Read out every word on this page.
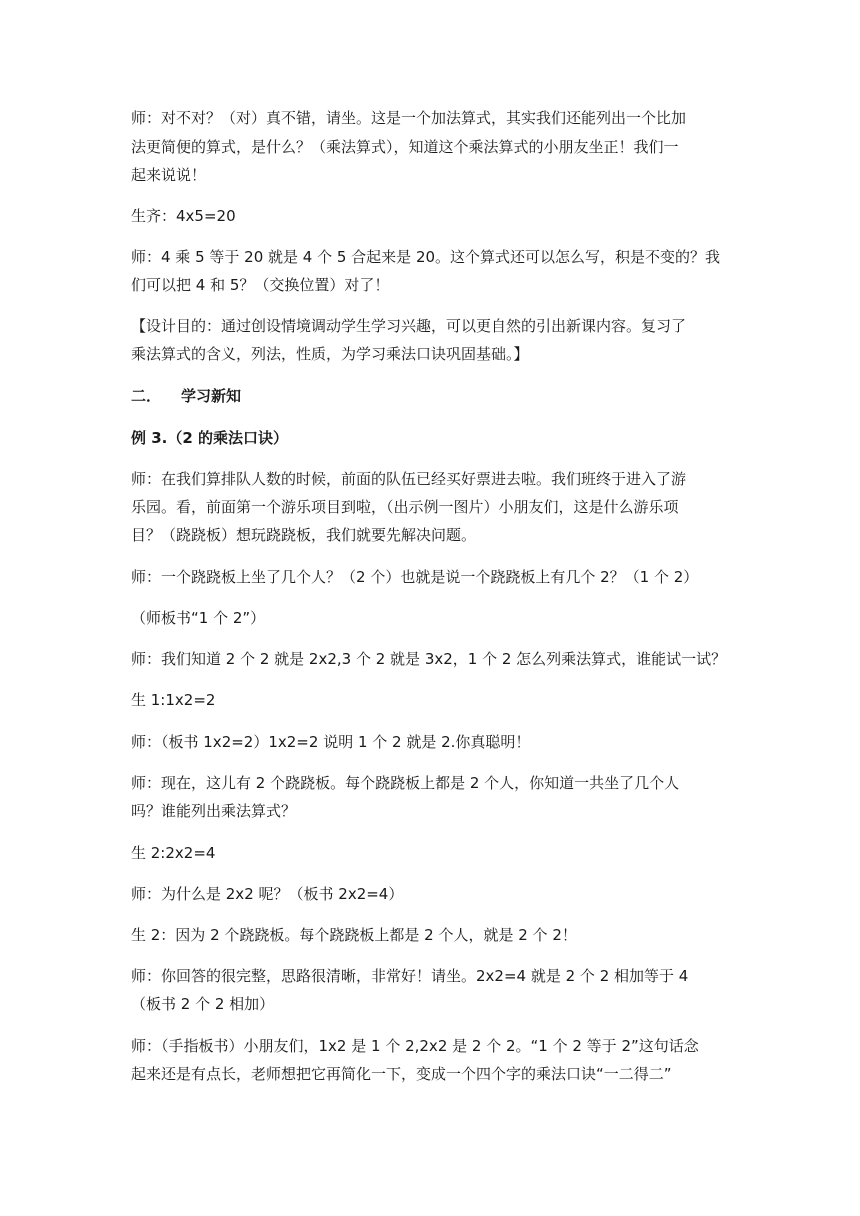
师：对不对？（对）真不错，请坐。这是一个加法算式，其实我们还能列出一个比加
法更简便的算式，是什么？（乘法算式），知道这个乘法算式的小朋友坐正！我们一
起来说说！
生齐：4x5=20
师：4 乘 5 等于 20 就是 4 个 5 合起来是 20。这个算式还可以怎么写，积是不变的？我
们可以把 4 和 5？（交换位置）对了！
【设计目的：通过创设情境调动学生学习兴趣，可以更自然的引出新课内容。复习了
乘法算式的含义，列法，性质，为学习乘法口诀巩固基础。】
二． 学习新知
例 3.（2 的乘法口诀）
师：在我们算排队人数的时候，前面的队伍已经买好票进去啦。我们班终于进入了游
乐园。看，前面第一个游乐项目到啦，（出示例一图片）小朋友们，这是什么游乐项
目？（跷跷板）想玩跷跷板，我们就要先解决问题。
师：一个跷跷板上坐了几个人？（2 个）也就是说一个跷跷板上有几个 2？（1 个 2）
（师板书“1 个 2”）
师：我们知道 2 个 2 就是 2x2,3 个 2 就是 3x2，1 个 2 怎么列乘法算式，谁能试一试？
生 1:1x2=2
师：（板书 1x2=2）1x2=2 说明 1 个 2 就是 2.你真聪明！
师：现在，这儿有 2 个跷跷板。每个跷跷板上都是 2 个人，你知道一共坐了几个人
吗？谁能列出乘法算式？
生 2:2x2=4
师：为什么是 2x2 呢？（板书 2x2=4）
生 2：因为 2 个跷跷板。每个跷跷板上都是 2 个人，就是 2 个 2！
师：你回答的很完整，思路很清晰，非常好！请坐。2x2=4 就是 2 个 2 相加等于 4
（板书 2 个 2 相加）
师：（手指板书）小朋友们，1x2 是 1 个 2,2x2 是 2 个 2。“1 个 2 等于 2”这句话念
起来还是有点长，老师想把它再简化一下，变成一个四个字的乘法口诀“一二得二”
